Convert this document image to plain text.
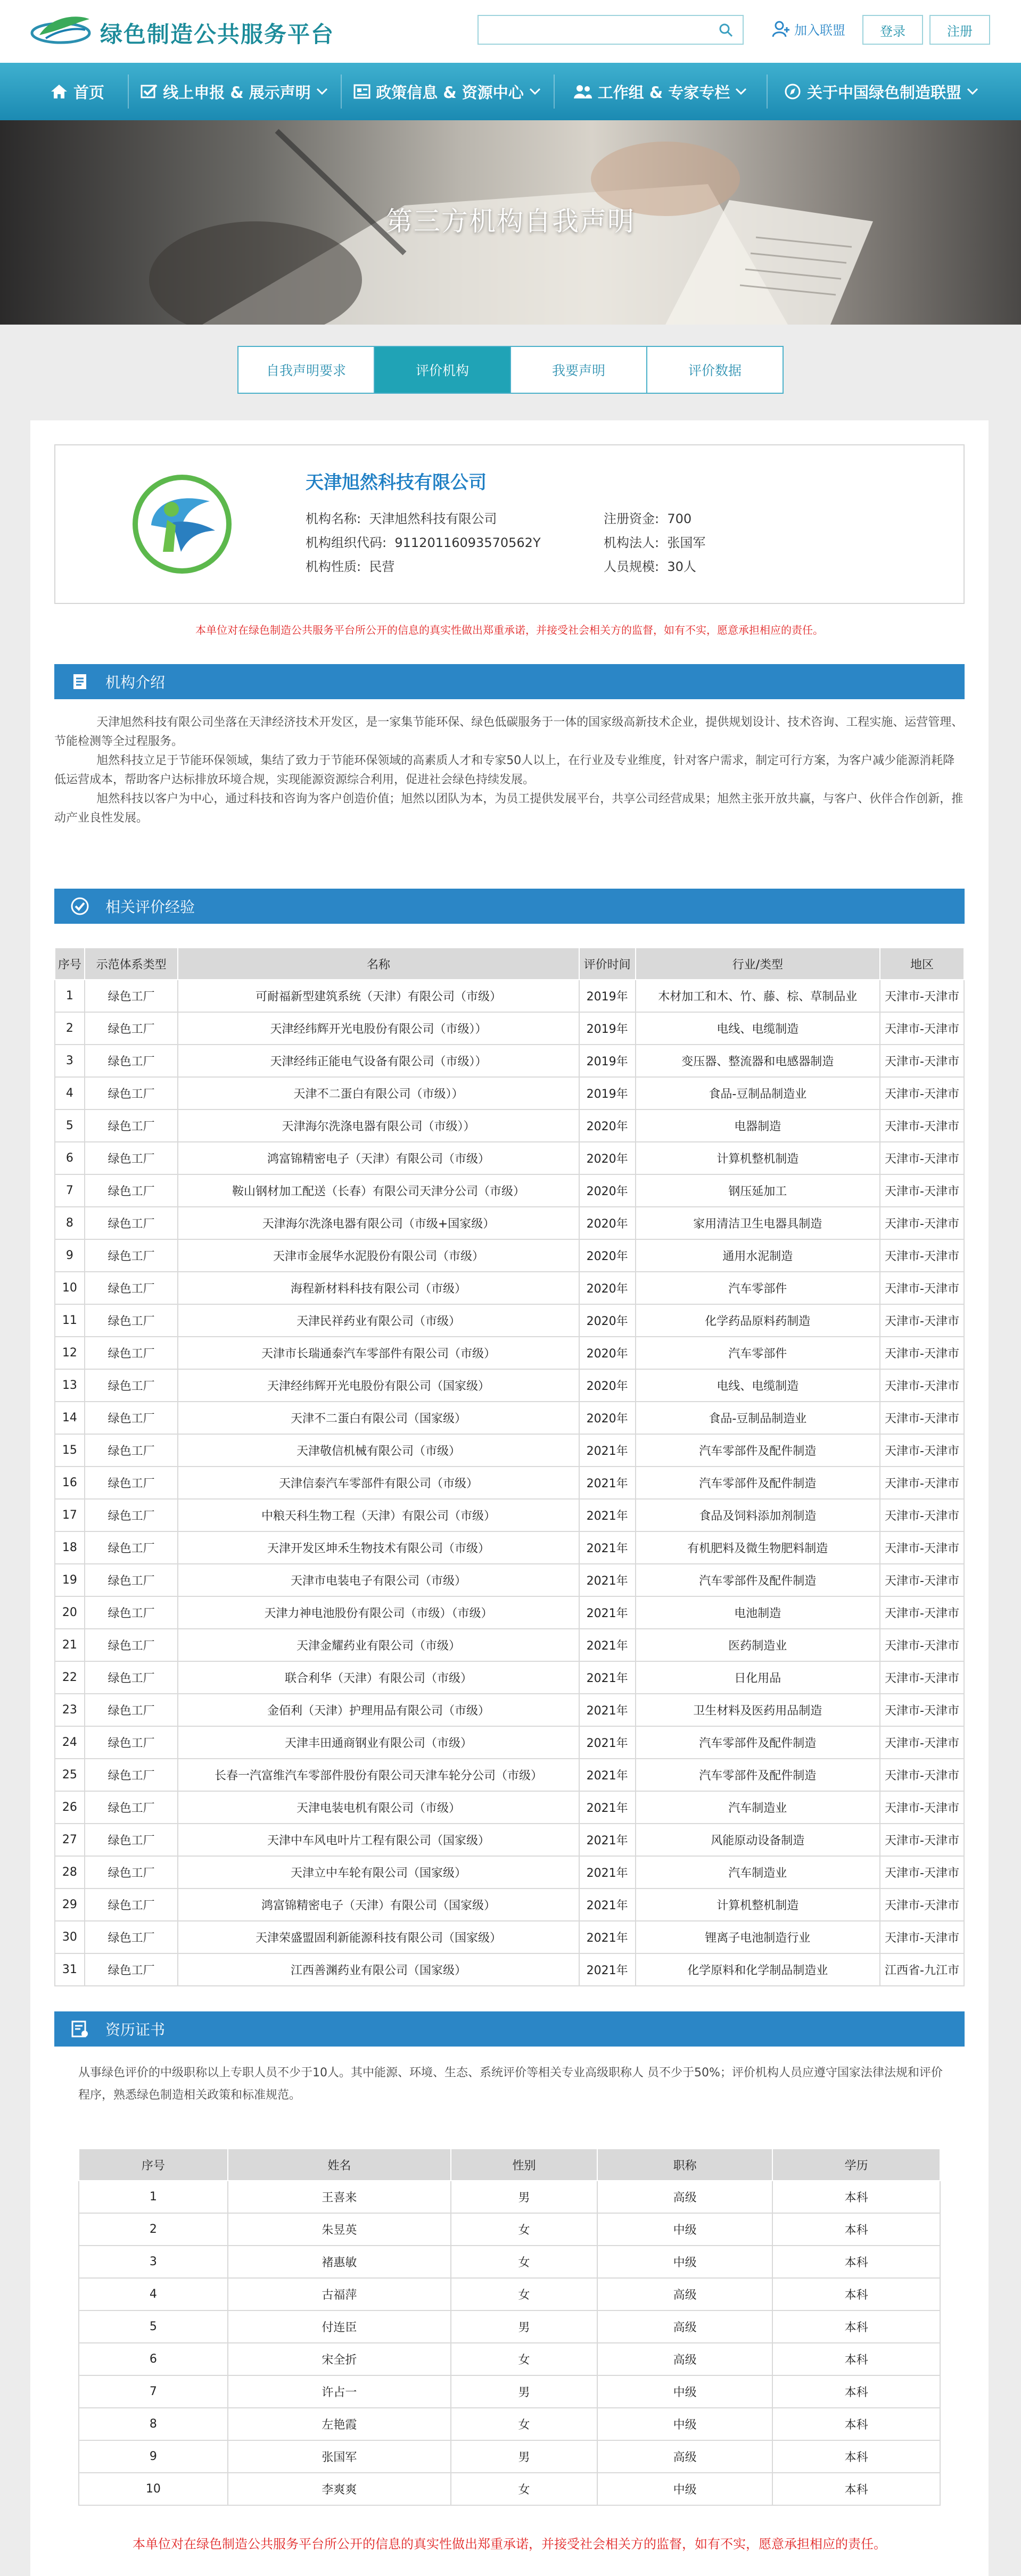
绿色制造公共服务平台	加入联盟	登录	注册
首页	线上申报 & 展示声明	政策信息 & 资源中心	工作组 & 专家专栏	关于中国绿色制造联盟
第三方机构自我声明
自我声明要求	评价机构	我要声明	评价数据
天津旭然科技有限公司
机构名称: 天津旭然科技有限公司
机构组织代码: 91120116093570562Y
机构性质: 民营
注册资金: 700
机构法人: 张国军
人员规模: 30人
本单位对在绿色制造公共服务平台所公开的信息的真实性做出郑重承诺，并接受社会相关方的监督，如有不实，愿意承担相应的责任。
机构介绍

天津旭然科技有限公司坐落在天津经济技术开发区，是一家集节能环保、绿色低碳服务于一体的国家级高新技术企业，提供规划设计、技术咨询、工程实施、运营管理、节能检测等全过程服务。

旭然科技立足于节能环保领域，集结了致力于节能环保领域的高素质人才和专家50人以上，在行业及专业维度，针对客户需求，制定可行方案，为客户减少能源消耗降低运营成本，帮助客户达标排放环境合规，实现能源资源综合利用，促进社会绿色持续发展。

旭然科技以客户为中心，通过科技和咨询为客户创造价值；旭然以团队为本，为员工提供发展平台，共享公司经营成果；旭然主张开放共赢，与客户、伙伴合作创新，推动产业良性发展。

相关评价经验
序号	示范体系类型	名称	评价时间	行业/类型	地区
1	绿色工厂	可耐福新型建筑系统（天津）有限公司（市级）	2019年	木材加工和木、竹、藤、棕、草制品业	天津市-天津市
2	绿色工厂	天津经纬辉开光电股份有限公司（市级））	2019年	电线、电缆制造	天津市-天津市
3	绿色工厂	天津经纬正能电气设备有限公司（市级））	2019年	变压器、整流器和电感器制造	天津市-天津市
4	绿色工厂	天津不二蛋白有限公司（市级））	2019年	食品-豆制品制造业	天津市-天津市
5	绿色工厂	天津海尔洗涤电器有限公司（市级））	2020年	电器制造	天津市-天津市
6	绿色工厂	鸿富锦精密电子（天津）有限公司（市级）	2020年	计算机整机制造	天津市-天津市
7	绿色工厂	鞍山钢材加工配送（长春）有限公司天津分公司（市级）	2020年	钢压延加工	天津市-天津市
8	绿色工厂	天津海尔洗涤电器有限公司（市级+国家级）	2020年	家用清洁卫生电器具制造	天津市-天津市
9	绿色工厂	天津市金展华水泥股份有限公司（市级）	2020年	通用水泥制造	天津市-天津市
10	绿色工厂	海程新材料科技有限公司（市级）	2020年	汽车零部件	天津市-天津市
11	绿色工厂	天津民祥药业有限公司（市级）	2020年	化学药品原料药制造	天津市-天津市
12	绿色工厂	天津市长瑞通泰汽车零部件有限公司（市级）	2020年	汽车零部件	天津市-天津市
13	绿色工厂	天津经纬辉开光电股份有限公司（国家级）	2020年	电线、电缆制造	天津市-天津市
14	绿色工厂	天津不二蛋白有限公司（国家级）	2020年	食品-豆制品制造业	天津市-天津市
15	绿色工厂	天津敬信机械有限公司（市级）	2021年	汽车零部件及配件制造	天津市-天津市
16	绿色工厂	天津信泰汽车零部件有限公司（市级）	2021年	汽车零部件及配件制造	天津市-天津市
17	绿色工厂	中粮天科生物工程（天津）有限公司（市级）	2021年	食品及饲料添加剂制造	天津市-天津市
18	绿色工厂	天津开发区坤禾生物技术有限公司（市级）	2021年	有机肥料及微生物肥料制造	天津市-天津市
19	绿色工厂	天津市电装电子有限公司（市级）	2021年	汽车零部件及配件制造	天津市-天津市
20	绿色工厂	天津力神电池股份有限公司（市级）（市级）	2021年	电池制造	天津市-天津市
21	绿色工厂	天津金耀药业有限公司（市级）	2021年	医药制造业	天津市-天津市
22	绿色工厂	联合利华（天津）有限公司（市级）	2021年	日化用品	天津市-天津市
23	绿色工厂	金佰利（天津）护理用品有限公司（市级）	2021年	卫生材料及医药用品制造	天津市-天津市
24	绿色工厂	天津丰田通商钢业有限公司（市级）	2021年	汽车零部件及配件制造	天津市-天津市
25	绿色工厂	长春一汽富维汽车零部件股份有限公司天津车轮分公司（市级）	2021年	汽车零部件及配件制造	天津市-天津市
26	绿色工厂	天津电装电机有限公司（市级）	2021年	汽车制造业	天津市-天津市
27	绿色工厂	天津中车风电叶片工程有限公司（国家级）	2021年	风能原动设备制造	天津市-天津市
28	绿色工厂	天津立中车轮有限公司（国家级）	2021年	汽车制造业	天津市-天津市
29	绿色工厂	鸿富锦精密电子（天津）有限公司（国家级）	2021年	计算机整机制造	天津市-天津市
30	绿色工厂	天津荣盛盟固利新能源科技有限公司（国家级）	2021年	锂离子电池制造行业	天津市-天津市
31	绿色工厂	江西善渊药业有限公司（国家级）	2021年	化学原料和化学制品制造业	江西省-九江市
资历证书
从事绿色评价的中级职称以上专职人员不少于10人。其中能源、环境、生态、系统评价等相关专业高级职称人 员不少于50%；评价机构人员应遵守国家法律法规和评价程序，熟悉绿色制造相关政策和标准规范。
序号	姓名	性别	职称	学历
1	王喜来	男	高级	本科
2	朱昱英	女	中级	本科
3	褚惠敏	女	中级	本科
4	古福萍	女	高级	本科
5	付连臣	男	高级	本科
6	宋全折	女	高级	本科
7	许占一	男	中级	本科
8	左艳霞	女	中级	本科
9	张国军	男	高级	本科
10	李爽爽	女	中级	本科
本单位对在绿色制造公共服务平台所公开的信息的真实性做出郑重承诺，并接受社会相关方的监督，如有不实，愿意承担相应的责任。
